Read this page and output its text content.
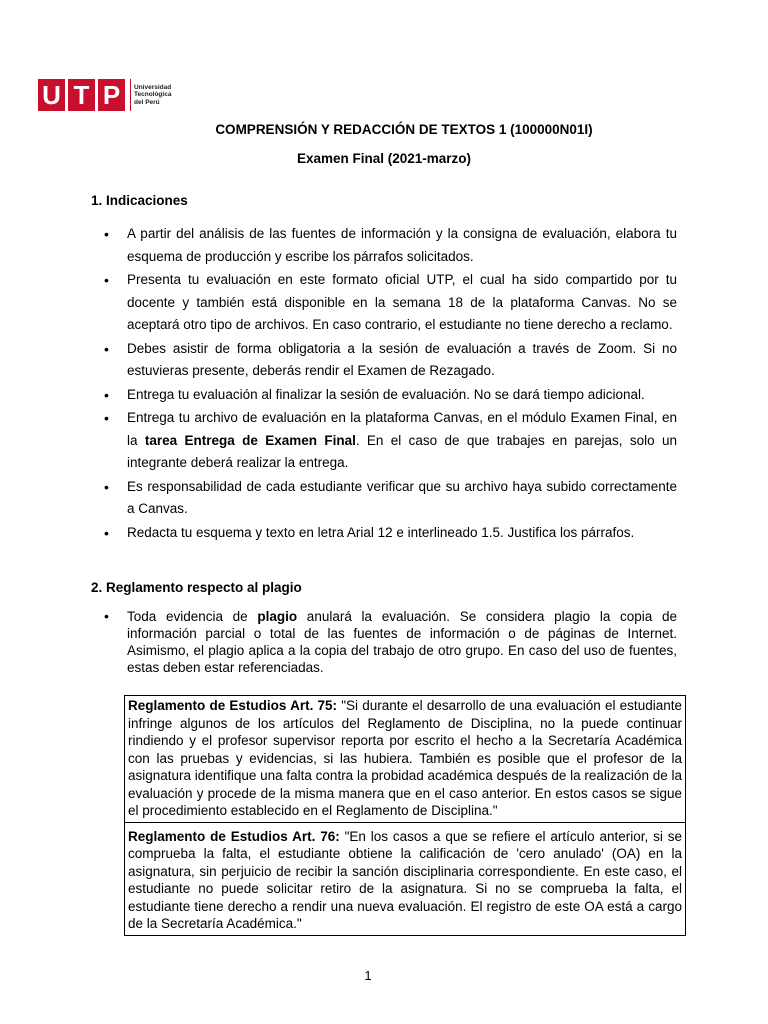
U T P	Universidad
Tecnológica
del Perú
COMPRENSIÓN Y REDACCIÓN DE TEXTOS 1 (100000N01I)
Examen Final (2021-marzo)
1. Indicaciones
• A partir del análisis de las fuentes de información y la consigna de evaluación, elabora tu esquema de producción y escribe los párrafos solicitados.
• Presenta tu evaluación en este formato oficial UTP, el cual ha sido compartido por tu docente y también está disponible en la semana 18 de la plataforma Canvas. No se aceptará otro tipo de archivos. En caso contrario, el estudiante no tiene derecho a reclamo.
• Debes asistir de forma obligatoria a la sesión de evaluación a través de Zoom. Si no estuvieras presente, deberás rendir el Examen de Rezagado.
• Entrega tu evaluación al finalizar la sesión de evaluación. No se dará tiempo adicional.
• Entrega tu archivo de evaluación en la plataforma Canvas, en el módulo Examen Final, en la tarea Entrega de Examen Final. En el caso de que trabajes en parejas, solo un integrante deberá realizar la entrega.
• Es responsabilidad de cada estudiante verificar que su archivo haya subido correctamente a Canvas.
• Redacta tu esquema y texto en letra Arial 12 e interlineado 1.5. Justifica los párrafos.
2. Reglamento respecto al plagio
• Toda evidencia de plagio anulará la evaluación. Se considera plagio la copia de información parcial o total de las fuentes de información o de páginas de Internet. Asimismo, el plagio aplica a la copia del trabajo de otro grupo. En caso del uso de fuentes, estas deben estar referenciadas.
Reglamento de Estudios Art. 75: "Si durante el desarrollo de una evaluación el estudiante infringe algunos de los artículos del Reglamento de Disciplina, no la puede continuar rindiendo y el profesor supervisor reporta por escrito el hecho a la Secretaría Académica con las pruebas y evidencias, si las hubiera. También es posible que el profesor de la asignatura identifique una falta contra la probidad académica después de la realización de la evaluación y procede de la misma manera que en el caso anterior. En estos casos se sigue el procedimiento establecido en el Reglamento de Disciplina."
Reglamento de Estudios Art. 76: "En los casos a que se refiere el artículo anterior, si se comprueba la falta, el estudiante obtiene la calificación de 'cero anulado' (OA) en la asignatura, sin perjuicio de recibir la sanción disciplinaria correspondiente. En este caso, el estudiante no puede solicitar retiro de la asignatura. Si no se comprueba la falta, el estudiante tiene derecho a rendir una nueva evaluación. El registro de este OA está a cargo de la Secretaría Académica."
1
